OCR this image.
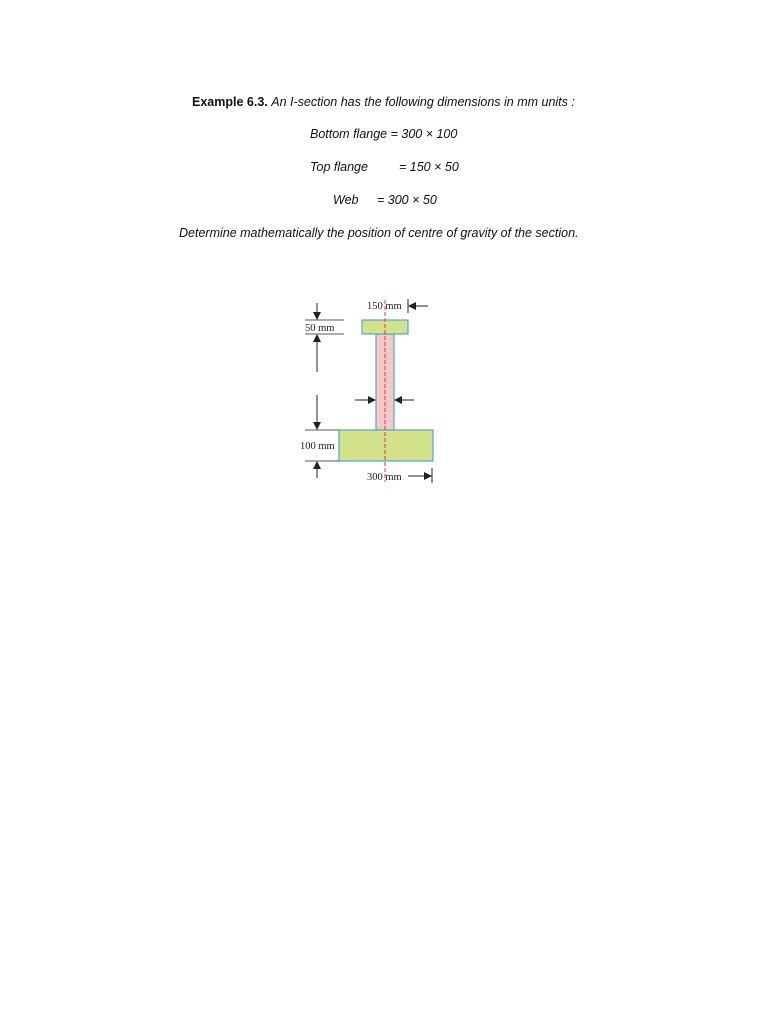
Example 6.3. An I-section has the following dimensions in mm units :
Bottom flange = 300 × 100
Top flange = 150 × 50
Web = 300 × 50
Determine mathematically the position of centre of gravity of the section.
150 mm
50 mm
100 mm
300 mm
